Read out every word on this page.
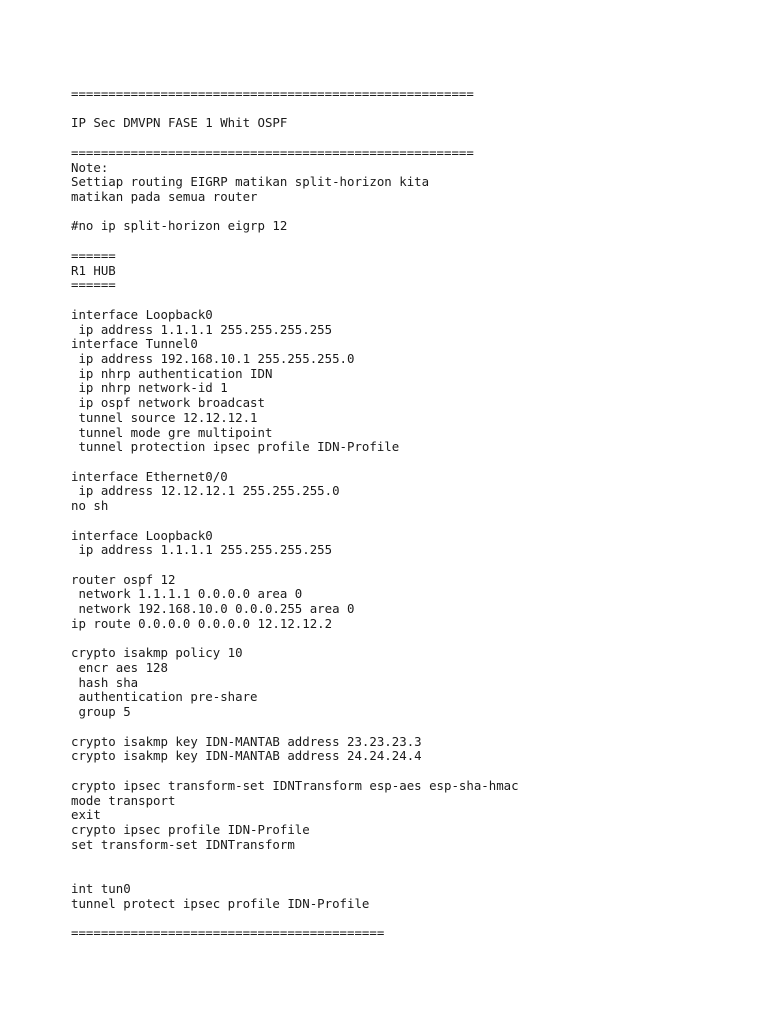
======================================================
IP Sec DMVPN FASE 1 Whit OSPF
======================================================
Note:
Settiap routing EIGRP matikan split-horizon kita
matikan pada semua router
#no ip split-horizon eigrp 12
======
R1 HUB
======
interface Loopback0
ip address 1.1.1.1 255.255.255.255
interface Tunnel0
ip address 192.168.10.1 255.255.255.0
ip nhrp authentication IDN
ip nhrp network-id 1
ip ospf network broadcast
tunnel source 12.12.12.1
tunnel mode gre multipoint
tunnel protection ipsec profile IDN-Profile
interface Ethernet0/0
ip address 12.12.12.1 255.255.255.0
no sh
interface Loopback0
ip address 1.1.1.1 255.255.255.255
router ospf 12
network 1.1.1.1 0.0.0.0 area 0
network 192.168.10.0 0.0.0.255 area 0
ip route 0.0.0.0 0.0.0.0 12.12.12.2
crypto isakmp policy 10
encr aes 128
hash sha
authentication pre-share
group 5
crypto isakmp key IDN-MANTAB address 23.23.23.3
crypto isakmp key IDN-MANTAB address 24.24.24.4
crypto ipsec transform-set IDNTransform esp-aes esp-sha-hmac
mode transport
exit
crypto ipsec profile IDN-Profile
set transform-set IDNTransform
int tun0
tunnel protect ipsec profile IDN-Profile
==========================================
